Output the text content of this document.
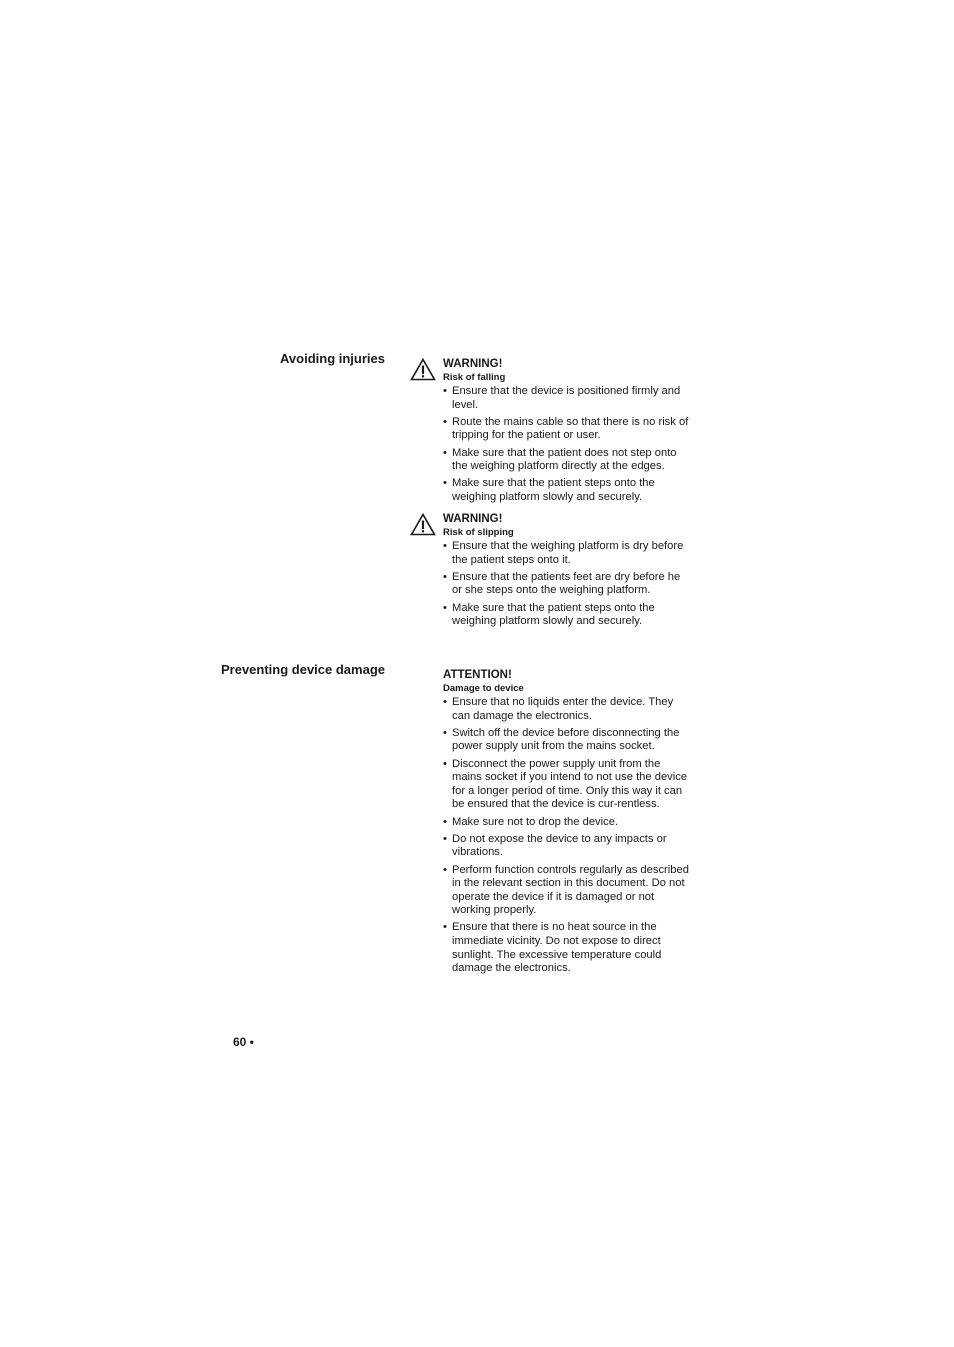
Avoiding injuries	WARNING!
Risk of falling
• Ensure that the device is positioned firmly and level.
• Route the mains cable so that there is no risk of tripping for the patient or user.
• Make sure that the patient does not step onto the weighing platform directly at the edges.
• Make sure that the patient steps onto the weighing platform slowly and securely.
WARNING!
Risk of slipping
• Ensure that the weighing platform is dry before the patient steps onto it.
• Ensure that the patients feet are dry before he or she steps onto the weighing platform.
• Make sure that the patient steps onto the weighing platform slowly and securely.
Preventing device damage	ATTENTION!
Damage to device
• Ensure that no liquids enter the device. They can damage the electronics.
• Switch off the device before disconnecting the power supply unit from the mains socket.
• Disconnect the power supply unit from the mains socket if you intend to not use the device for a longer period of time. Only this way it can be ensured that the device is cur-rentless.
• Make sure not to drop the device.
• Do not expose the device to any impacts or vibrations.
• Perform function controls regularly as described in the relevant section in this document. Do not operate the device if it is damaged or not working properly.
• Ensure that there is no heat source in the immediate vicinity. Do not expose to direct sunlight. The excessive temperature could damage the electronics.
60 •
